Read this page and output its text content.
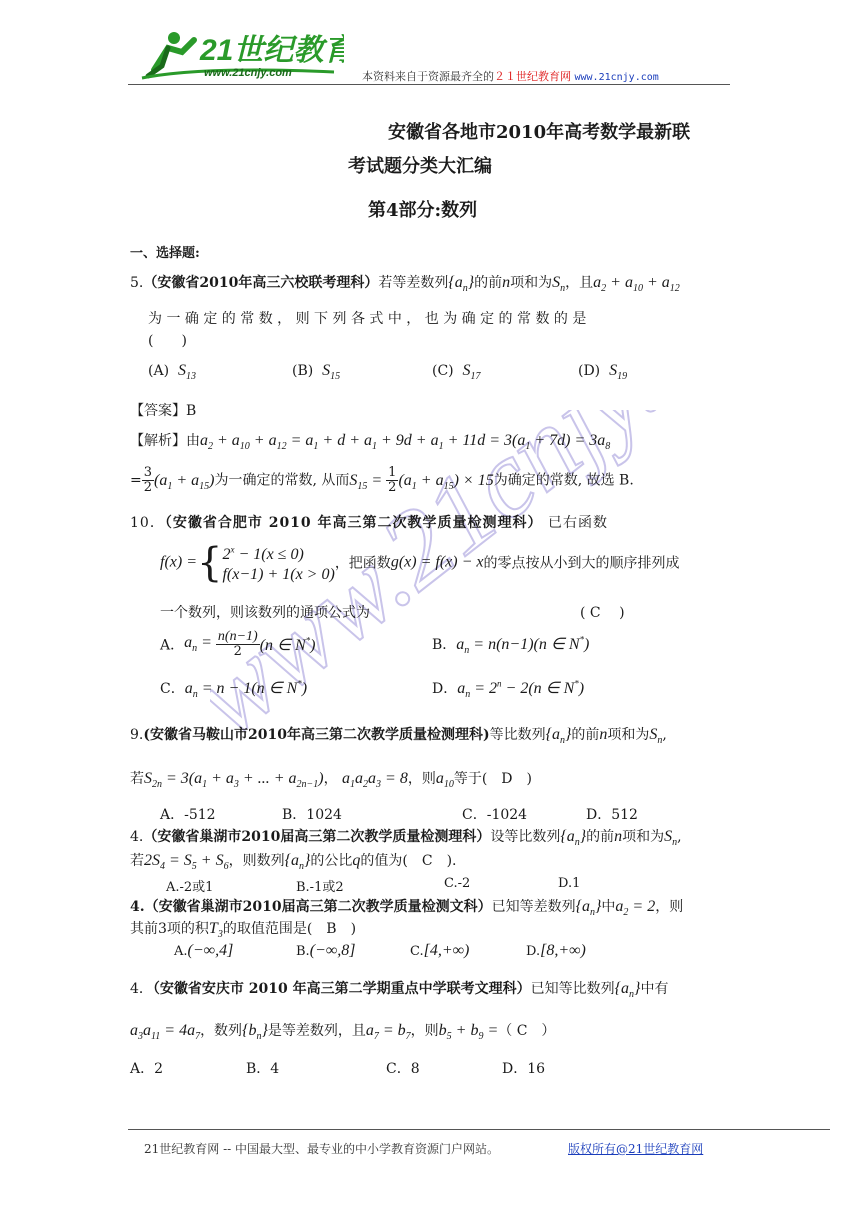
21世纪教育
www.21cnjy.com	本资料来自于资源最齐全的２１世纪教育网 www.21cnjy.com
www.21cnjy.com
安徽省各地市2010年高考数学最新联
考试题分类大汇编
第4部分:数列
一、选择题:
5.（安徽省2010年高三六校联考理科）若等差数列$\{a_n\}$的前n项和为$S_n$，且$a_2 + a_{10} + a_{12}$
为 一 确 定 的 常 数 ， 则 下 列 各 式 中 ， 也 为 确 定 的 常 数 的 是
(　　)
(A) $S_{13}$	(B) $S_{15}$	(C) $S_{17}$	(D) $S_{19}$
【答案】B
【解析】由$a_2 + a_{10} + a_{12} = a_1 + d + a_1 + 9d + a_1 + 11d = 3(a_1 + 7d) = 3a_8$
= $\frac{3}{2} (a_1 + a_{15})$为一确定的常数, 从而$S_{15} = \frac{1}{2} (a_1 + a_{15}) \times 15$为确定的常数, 故选 B.
10．（安徽省合肥市 2010 年高三第二次教学质量检测理科） 已右函数
$f(x) =\{2^x - 1(x \le 0)$
f(x−1) + 1(x > 0)，把函数g(x) = f(x) − x的零点按从小到大的顺序排列成
一个数列，则该数列的通项公式为	( C 　)
A．$a_n = \frac{n(n-1)}{2} (n$ ∈ N*)	B．$a_n = n(n-1)(n$ ∈ N*)
C．$a_n = n - 1(n$ ∈ N*)	D．$a_n = 2^n - 2(n$ ∈ N*)
9.(安徽省马鞍山市2010年高三第二次教学质量检测理科)等比数列$\{a_n\}$的前n项和为$S_n$,
若$S_{2n} = 3(a_1 + a_3$ + ... + $a_{2n-1}$)， $a_1a_2a_3 = 8$，则$a_{10}$等于(　D　)
A．-512	B．1024	C．-1024	D．512
4.（安徽省巢湖市2010届高三第二次教学质量检测理科）设等比数列$\{a_n\}$的前n项和为$S_n$,
若$2S_4 = S_5 + S_6$，则数列$\{a_n\}$的公比q的值为(　C　).
A.-2或1	B.-1或2	C.-2	D.1
4.（安徽省巢湖市2010届高三第二次教学质量检测文科）已知等差数列$\{a_n\}$中$a_2 = 2$，则
其前3项的积$T_3$的取值范围是(　B　)
A.(−∞,4]	B.(−∞,8]	C.[4,+∞)	D.[8,+∞)
4．（安徽省安庆市 2010 年高三第二学期重点中学联考文理科）已知等比数列$\{a_n\}$中有
$a_3a_{11} = 4a_7$，数列$\{b_n\}$是等差数列，且$a_7 = b_7$，则$b_5 + b_9$ =（ C　）
A．2	B．4	C．8	D．16
21世纪教育网 -- 中国最大型、最专业的中小学教育资源门户网站。	版权所有@21世纪教育网
